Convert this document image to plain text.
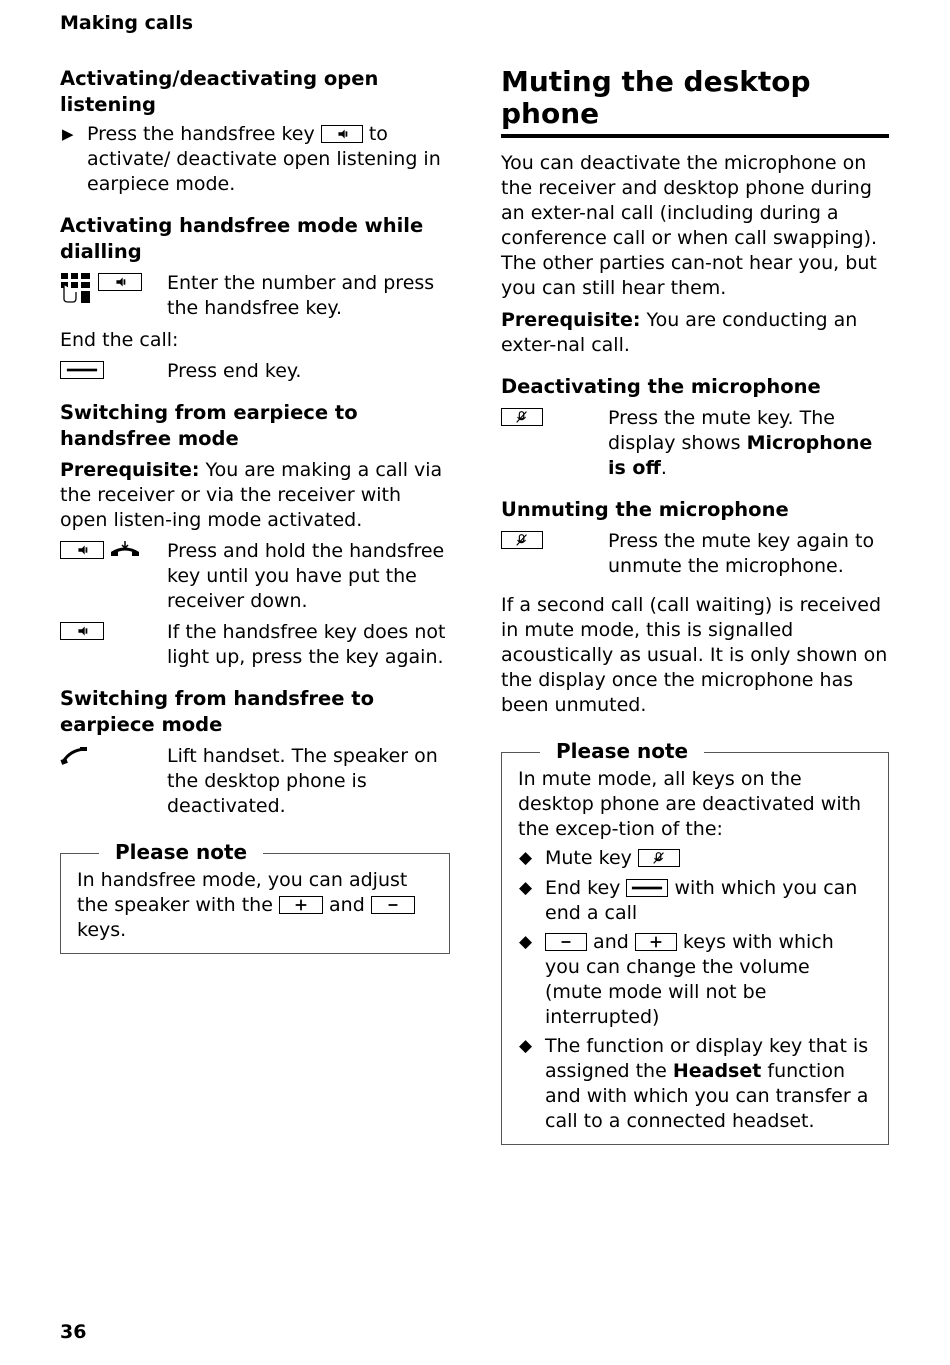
Making calls
Activating/deactivating open listening
▶ Press the handsfree key	to activate/ deactivate open listening in earpiece mode.
Activating handsfree mode while dialling
Enter the number and press the handsfree key.

End the call:

Press end key.
Switching from earpiece to handsfree mode

Prerequisite: You are making a call via the receiver or via the receiver with open listen-ing mode activated.

Press and hold the handsfree key until you have put the receiver down.
If the handsfree key does not light up, press the key again.
Switching from handsfree to earpiece mode
Lift handset. The speaker on the desktop phone is deactivated.
Please note
In handsfree mode, you can adjust the speaker with the	and
keys.
Muting the desktop phone

You can deactivate the microphone on the receiver and desktop phone during an exter-nal call (including during a conference call or when call swapping). The other parties can-not hear you, but you can still hear them.

Prerequisite: You are conducting an exter-nal call.

Deactivating the microphone
Press the mute key. The display shows Microphone is off.
Unmuting the microphone
Press the mute key again to unmute the microphone.

If a second call (call waiting) is received in mute mode, this is signalled acoustically as usual. It is only shown on the display once the microphone has been unmuted.

Please note
In mute mode, all keys on the desktop phone are deactivated with the excep-tion of the:
◆ Mute key
◆ End key	with which you can end a call
◆	and	keys with which you can change the volume (mute mode will not be interrupted)
◆ The function or display key that is assigned the Headset function and with which you can transfer a call to a connected headset.
36
